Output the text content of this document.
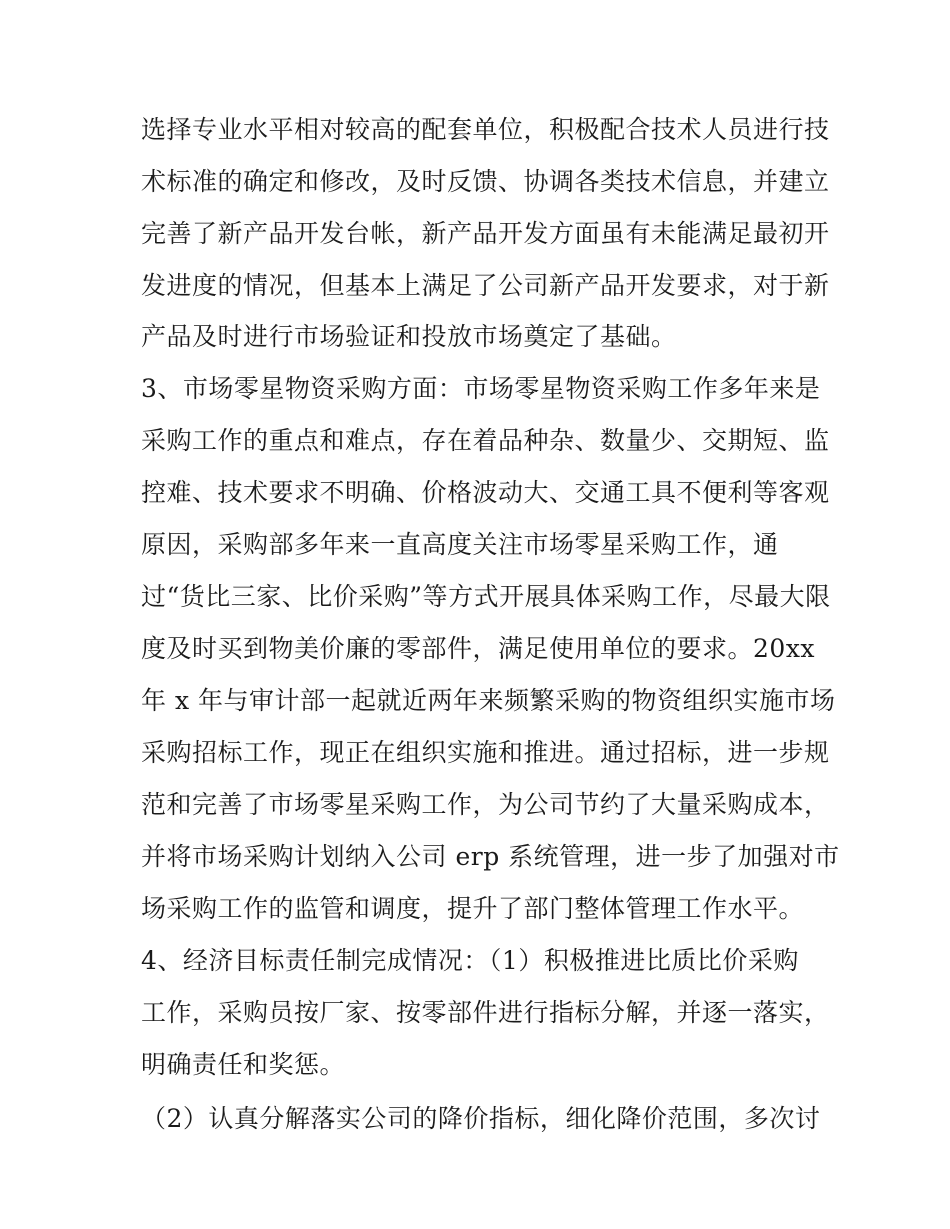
选择专业水平相对较高的配套单位，积极配合技术人员进行技
术标准的确定和修改，及时反馈、协调各类技术信息，并建立
完善了新产品开发台帐，新产品开发方面虽有未能满足最初开
发进度的情况，但基本上满足了公司新产品开发要求，对于新
产品及时进行市场验证和投放市场奠定了基础。
3、市场零星物资采购方面：市场零星物资采购工作多年来是
采购工作的重点和难点，存在着品种杂、数量少、交期短、监
控难、技术要求不明确、价格波动大、交通工具不便利等客观
原因，采购部多年来一直高度关注市场零星采购工作，通
过“货比三家、比价采购”等方式开展具体采购工作，尽最大限
度及时买到物美价廉的零部件，满足使用单位的要求。20xx
年 x 年与审计部一起就近两年来频繁采购的物资组织实施市场
采购招标工作，现正在组织实施和推进。通过招标，进一步规
范和完善了市场零星采购工作，为公司节约了大量采购成本，
并将市场采购计划纳入公司 erp 系统管理，进一步了加强对市
场采购工作的监管和调度，提升了部门整体管理工作水平。
4、经济目标责任制完成情况：（1）积极推进比质比价采购
工作，采购员按厂家、按零部件进行指标分解，并逐一落实，
明确责任和奖惩。
（2）认真分解落实公司的降价指标，细化降价范围，多次讨
